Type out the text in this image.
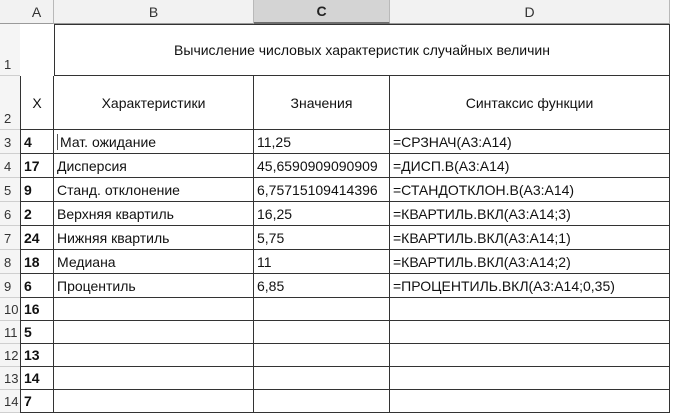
A	B	C	D
1
2
3
4
5
6
7
8
9
10
11
12
13
14
Вычисление числовых характеристик случайных величин
X	Характеристики	Значения	Синтаксис функции
4	Мат. ожидание	11,25	=СРЗНАЧ(A3:A14)
17	Дисперсия	45,6590909090909	=ДИСП.В(A3:A14)
9	Станд. отклонение	6,75715109414396	=СТАНДОТКЛОН.В(A3:A14)
2	Верхняя квартиль	16,25	=КВАРТИЛЬ.ВКЛ(A3:A14;3)
24	Нижняя квартиль	5,75	=КВАРТИЛЬ.ВКЛ(A3:A14;1)
18	Медиана	11	=КВАРТИЛЬ.ВКЛ(A3:A14;2)
6	Процентиль	6,85	=ПРОЦЕНТИЛЬ.ВКЛ(A3:A14;0,35)
16
5
13
14
7
